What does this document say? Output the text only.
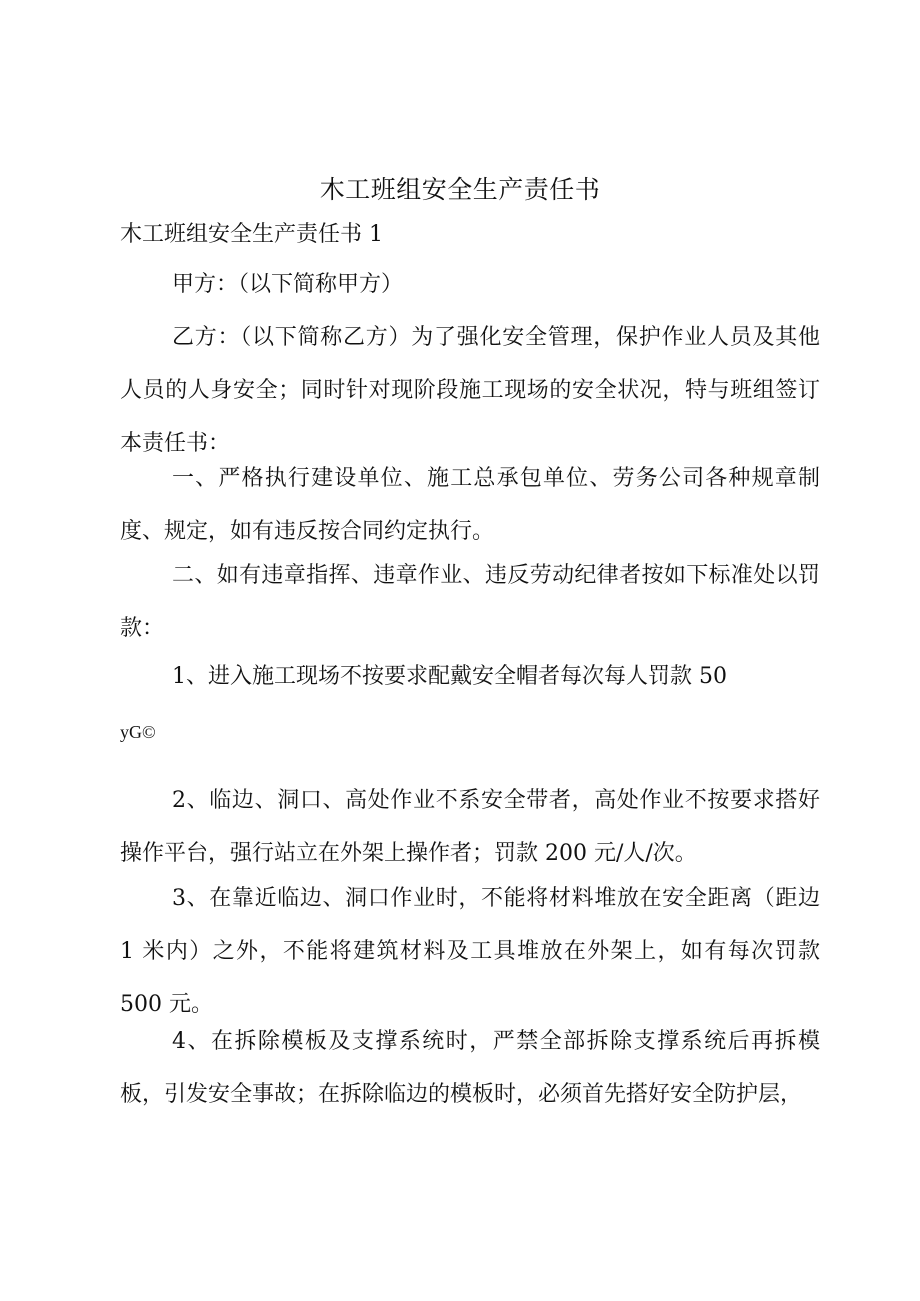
木工班组安全生产责任书

木工班组安全生产责任书 1

甲方：（以下简称甲方）

乙方：（以下简称乙方）为了强化安全管理，保护作业人员及其他人员的人身安全；同时针对现阶段施工现场的安全状况，特与班组签订本责任书：

一、严格执行建设单位、施工总承包单位、劳务公司各种规章制度、规定，如有违反按合同约定执行。

二、如有违章指挥、违章作业、违反劳动纪律者按如下标准处以罚款：

1、进入施工现场不按要求配戴安全帽者每次每人罚款 50

yG©

2、临边、洞口、高处作业不系安全带者，高处作业不按要求搭好操作平台，强行站立在外架上操作者；罚款 200 元/人/次。

3、在靠近临边、洞口作业时，不能将材料堆放在安全距离（距边 1 米内）之外，不能将建筑材料及工具堆放在外架上，如有每次罚款 500 元。

4、在拆除模板及支撑系统时，严禁全部拆除支撑系统后再拆模板，引发安全事故；在拆除临边的模板时，必须首先搭好安全防护层，
